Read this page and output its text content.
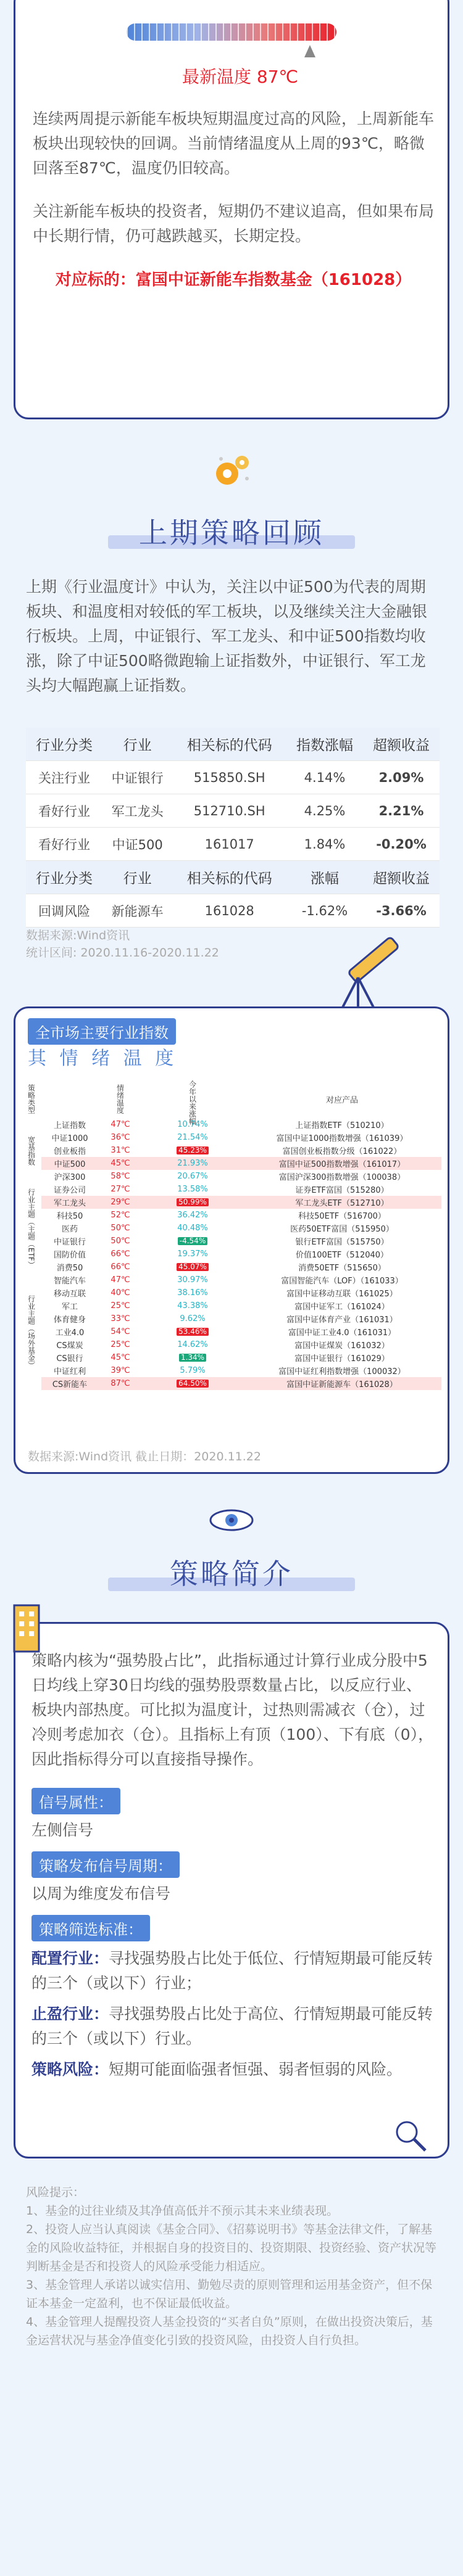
最新温度 87℃

连续两周提示新能车板块短期温度过高的风险，上周新能车板块出现较快的回调。当前情绪温度从上周的93℃，略微回落至87℃，温度仍旧较高。

关注新能车板块的投资者，短期仍不建议追高，但如果布局中长期行情，仍可越跌越买，长期定投。

对应标的：富国中证新能车指数基金（161028）
上期策略回顾
上期《行业温度计》中认为，关注以中证500为代表的周期板块、和温度相对较低的军工板块，以及继续关注大金融银行板块。上周，中证银行、军工龙头、和中证500指数均收涨，除了中证500略微跑输上证指数外，中证银行、军工龙头均大幅跑赢上证指数。
行业分类	行业	相关标的代码	指数涨幅	超额收益
关注行业	中证银行	515850.SH	4.14%	2.09%
看好行业	军工龙头	512710.SH	4.25%	2.21%
看好行业	中证500	161017	1.84%	-0.20%
行业分类	行业	相关标的代码	涨幅	超额收益
回调风险	新能源车	161028	-1.62%	-3.66%
数据来源:Wind资讯
统计区间: 2020.11.16-2020.11.22
全市场主要行业指数
其 情 绪 温 度
策略类型		情绪温度	今年以来涨幅	对应产品
宽基指数	上证指数	47℃	10.74%	上证指数ETF（510210）
	中证1000	36℃	21.54%	富国中证1000指数增强（161039）
	创业板指	31℃	45.23%	富国创业板指数分级（161022）
	中证500	45℃	21.93%	富国中证500指数增强（161017）
	沪深300	58℃	20.67%	富国沪深300指数增强（100038）
行业主题（主题（ETF）	证券公司	27℃	13.58%	证券ETF富国（515280）
	军工龙头	29℃	50.99%	军工龙头ETF（512710）
	科技50	52℃	36.42%	科技50ETF（516700）
	医药	50℃	40.48%	医药50ETF富国（515950）
	中证银行	50℃	-4.54%	银行ETF富国（515750）
	国防价值	66℃	19.37%	价值100ETF（512040）
	消费50	66℃	45.07%	消费50ETF（515650）
行业主题（场外基金）	智能汽车	47℃	30.97%	富国智能汽车（LOF）（161033）
	移动互联	40℃	38.16%	富国中证移动互联（161025）
	军工	25℃	43.38%	富国中证军工（161024）
	体育健身	33℃	9.62%	富国中证体育产业（161031）
	工业4.0	54℃	53.46%	富国中证工业4.0（161031）
	CS煤炭	25℃	14.62%	富国中证煤炭（161032）
	CS银行	45℃	1.34%	富国中证银行（161029）
	中证红利	39℃	5.79%	富国中证红利指数增强（100032）
	CS新能车	87℃	64.50%	富国中证新能源车（161028）
数据来源:Wind资讯 截止日期：2020.11.22
策略简介

策略内核为“强势股占比”，此指标通过计算行业成分股中5日均线上穿30日均线的强势股票数量占比，以反应行业、板块内部热度。可比拟为温度计，过热则需减衣（仓），过冷则考虑加衣（仓）。且指标上有顶（100）、下有底（0），因此指标得分可以直接指导操作。

信号属性：

左侧信号

策略发布信号周期：

以周为维度发布信号

策略筛选标准：

配置行业：寻找强势股占比处于低位、行情短期最可能反转的三个（或以下）行业；

止盈行业：寻找强势股占比处于高位、行情短期最可能反转的三个（或以下）行业。

策略风险：短期可能面临强者恒强、弱者恒弱的风险。

风险提示：
1、基金的过往业绩及其净值高低并不预示其未来业绩表现。
2、投资人应当认真阅读《基金合同》、《招募说明书》等基金法律文件，了解基金的风险收益特征，并根据自身的投资目的、投资期限、投资经验、资产状况等判断基金是否和投资人的风险承受能力相适应。
3、基金管理人承诺以诚实信用、勤勉尽责的原则管理和运用基金资产，但不保证本基金一定盈利，也不保证最低收益。
4、基金管理人提醒投资人基金投资的“买者自负”原则，在做出投资决策后，基金运营状况与基金净值变化引致的投资风险，由投资人自行负担。
